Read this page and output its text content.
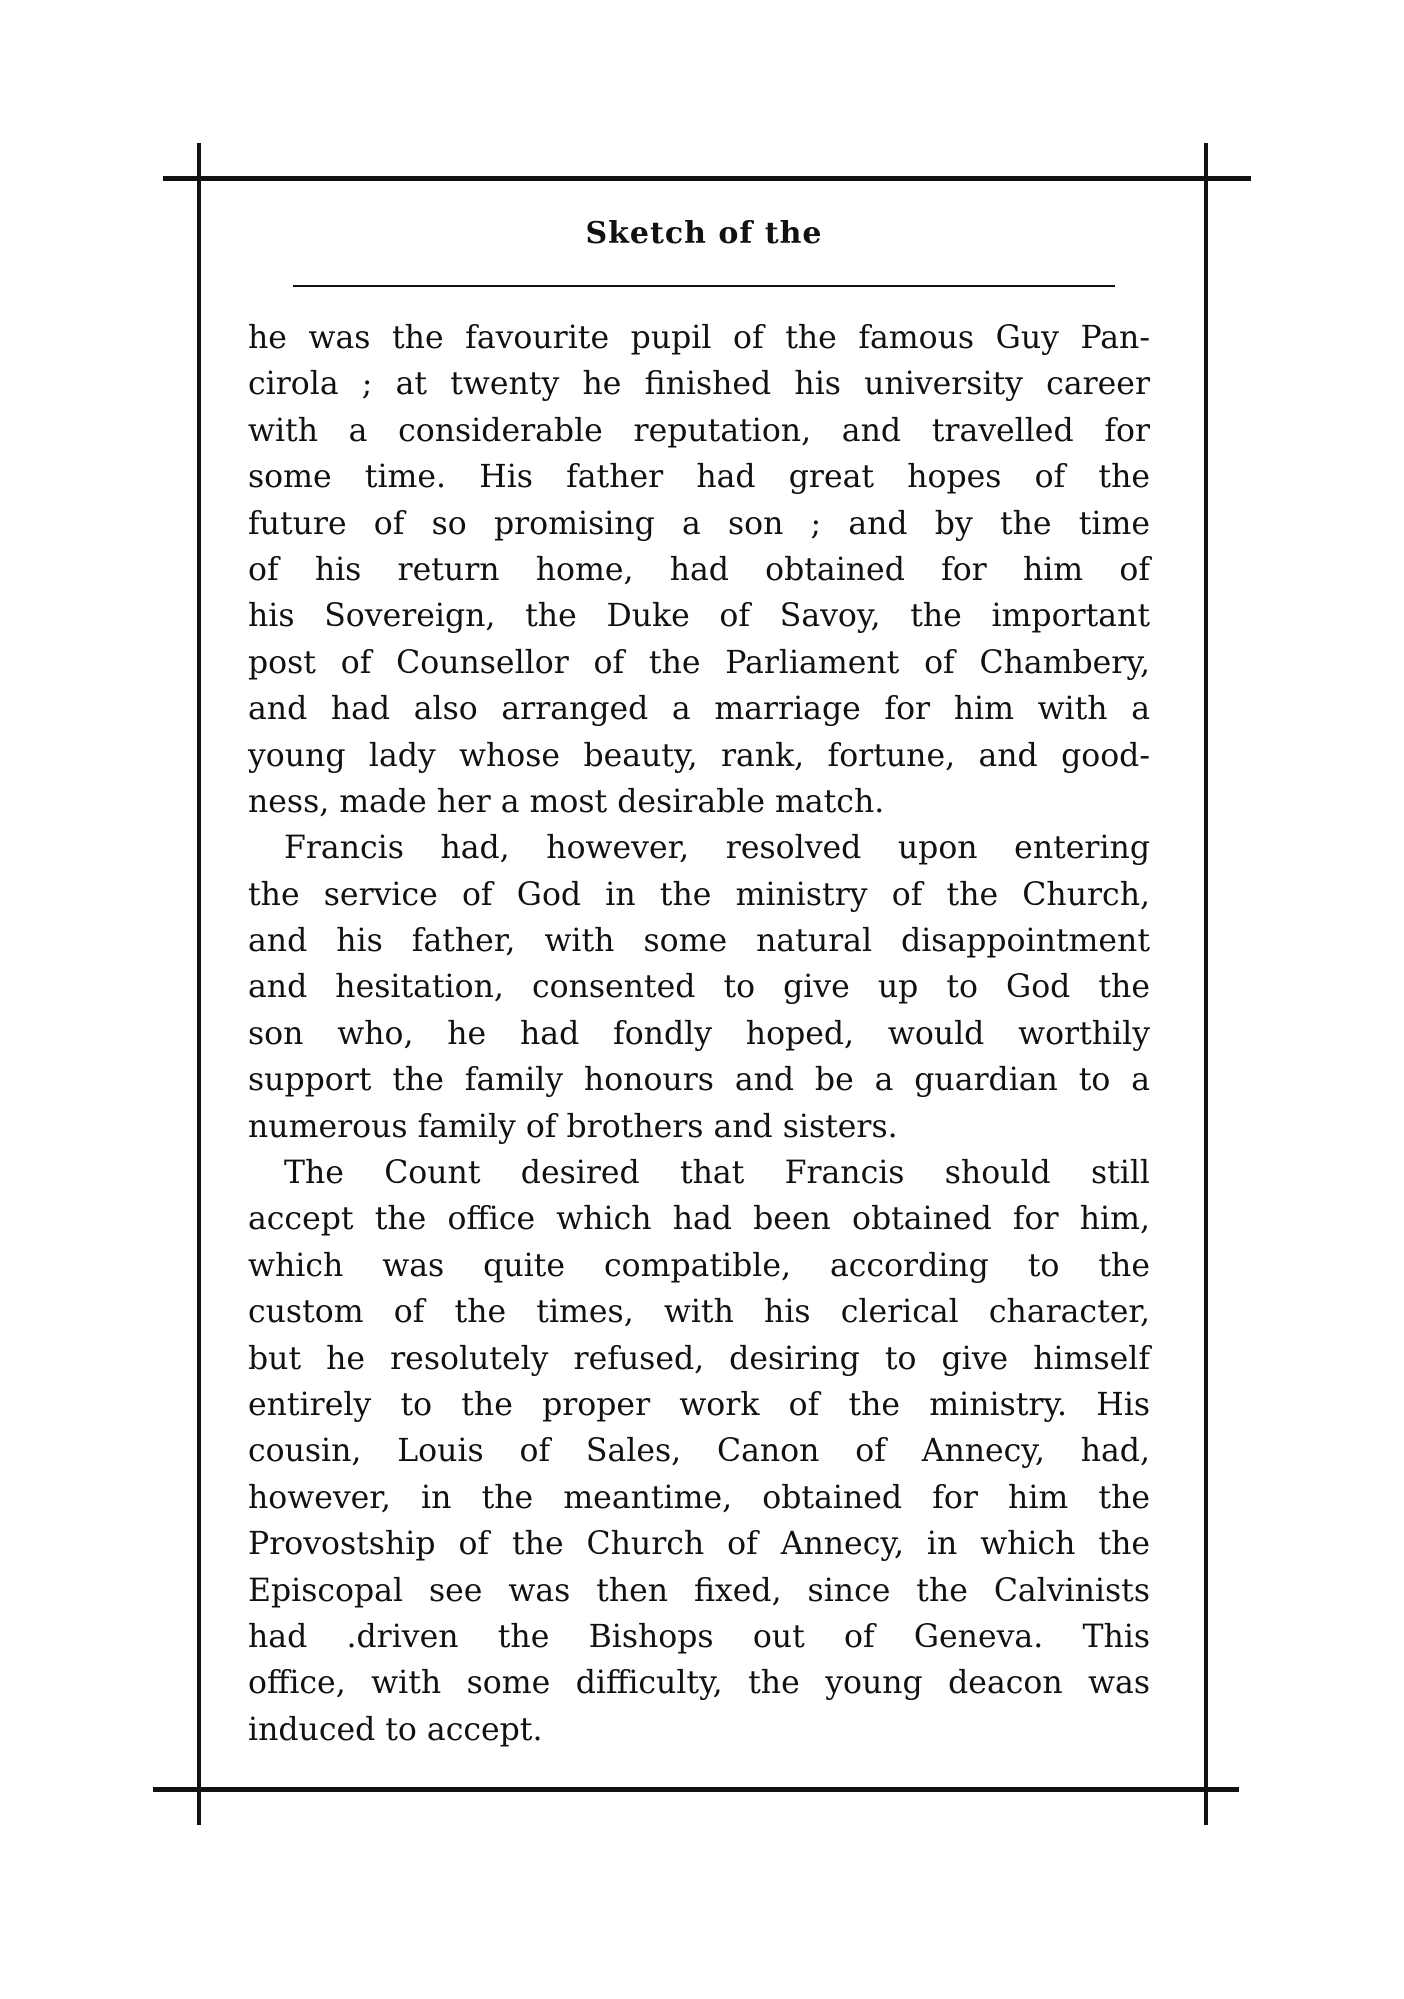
Sketch of the
he was the favourite pupil of the famous Guy Pan-
cirola ; at twenty he finished his university career
with a considerable reputation, and travelled for
some time. His father had great hopes of the
future of so promising a son ; and by the time
of his return home, had obtained for him of
his Sovereign, the Duke of Savoy, the important
post of Counsellor of the Parliament of Chambery,
and had also arranged a marriage for him with a
young lady whose beauty, rank, fortune, and good-
ness, made her a most desirable match.
Francis had, however, resolved upon entering
the service of God in the ministry of the Church,
and his father, with some natural disappointment
and hesitation, consented to give up to God the
son who, he had fondly hoped, would worthily
support the family honours and be a guardian to a
numerous family of brothers and sisters.
The Count desired that Francis should still
accept the office which had been obtained for him,
which was quite compatible, according to the
custom of the times, with his clerical character,
but he resolutely refused, desiring to give himself
entirely to the proper work of the ministry. His
cousin, Louis of Sales, Canon of Annecy, had,
however, in the meantime, obtained for him the
Provostship of the Church of Annecy, in which the
Episcopal see was then fixed, since the Calvinists
had .driven the Bishops out of Geneva. This
office, with some difficulty, the young deacon was
induced to accept.
